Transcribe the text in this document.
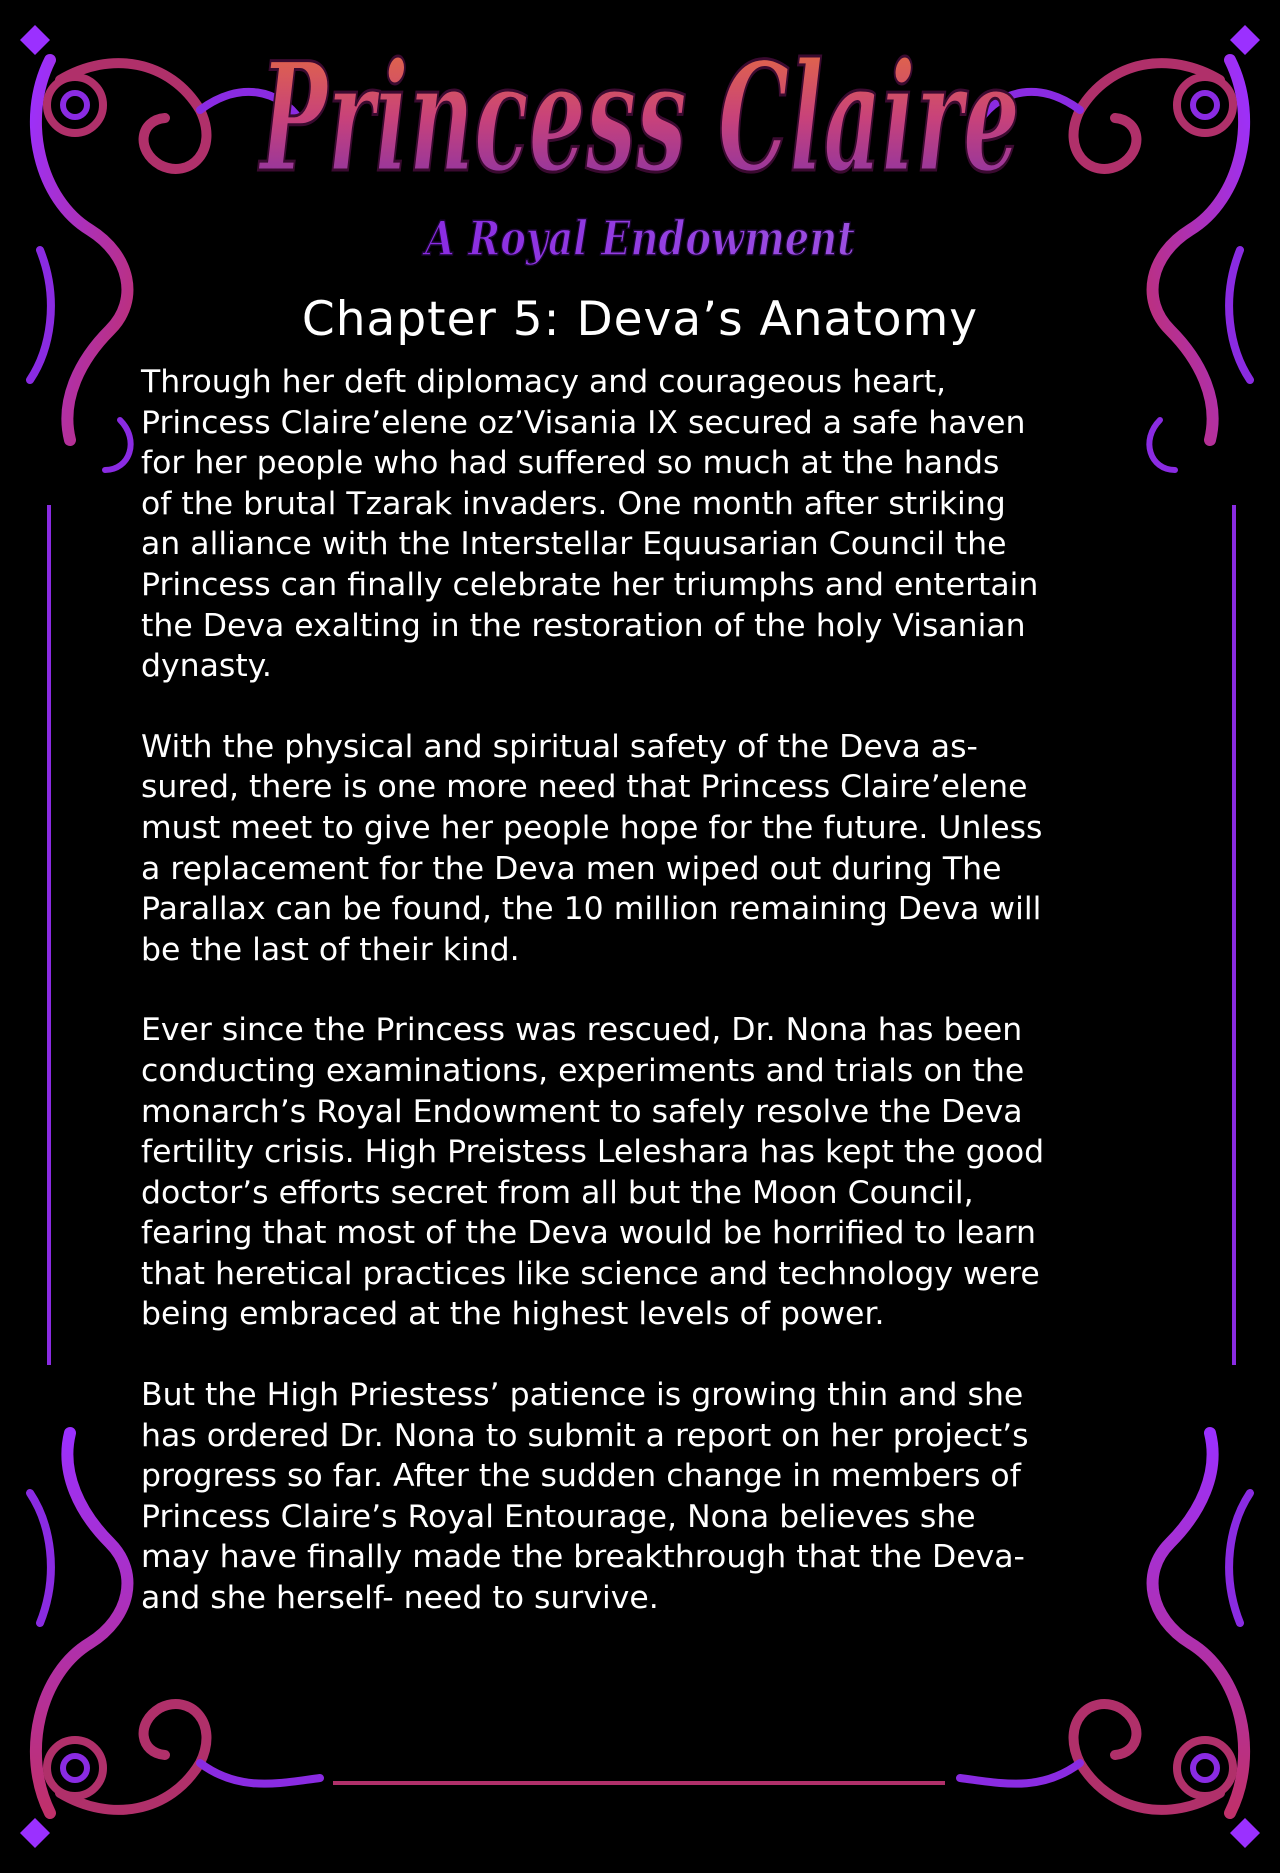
Princess Claire
A Royal Endowment
Chapter 5: Deva’s Anatomy

Through her deft diplomacy and courageous heart,
Princess Claire’elene oz’Visania IX secured a safe haven
for her people who had suffered so much at the hands
of the brutal Tzarak invaders. One month after striking
an alliance with the Interstellar Equusarian Council the
Princess can finally celebrate her triumphs and entertain
the Deva exalting in the restoration of the holy Visanian
dynasty.

With the physical and spiritual safety of the Deva as-
sured, there is one more need that Princess Claire’elene
must meet to give her people hope for the future. Unless
a replacement for the Deva men wiped out during The
Parallax can be found, the 10 million remaining Deva will
be the last of their kind.

Ever since the Princess was rescued, Dr. Nona has been
conducting examinations, experiments and trials on the
monarch’s Royal Endowment to safely resolve the Deva
fertility crisis. High Preistess Leleshara has kept the good
doctor’s efforts secret from all but the Moon Council,
fearing that most of the Deva would be horrified to learn
that heretical practices like science and technology were
being embraced at the highest levels of power.

But the High Priestess’ patience is growing thin and she
has ordered Dr. Nona to submit a report on her project’s
progress so far. After the sudden change in members of
Princess Claire’s Royal Entourage, Nona believes she
may have finally made the breakthrough that the Deva-
and she herself- need to survive.
